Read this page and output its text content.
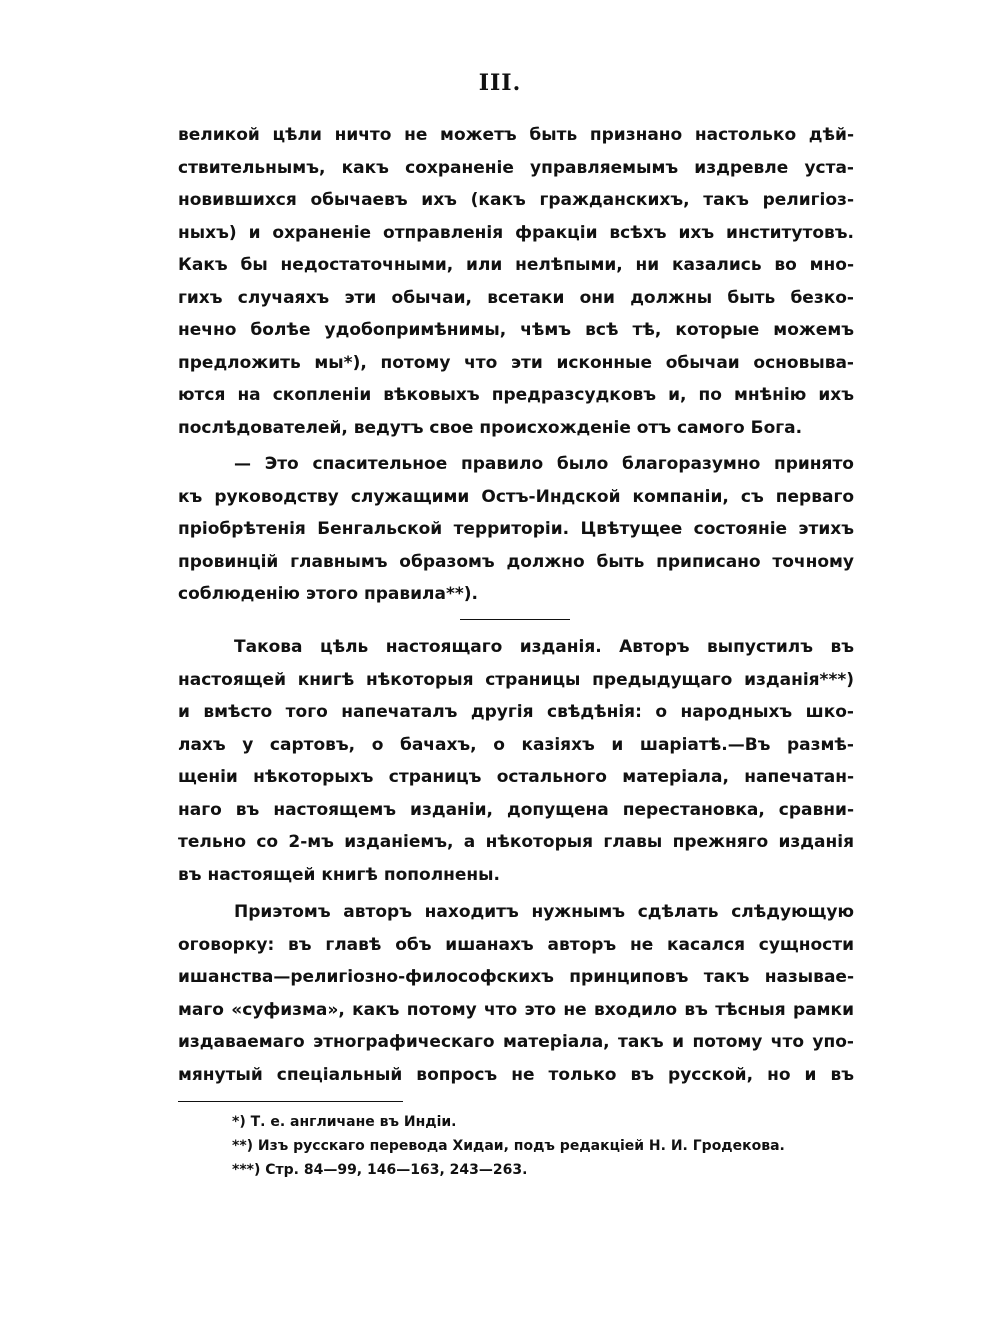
III.
великой цѣли ничто не можетъ быть признано настолько дѣй-
ствительнымъ, какъ сохраненіе управляемымъ издревле уста-
новившихся обычаевъ ихъ (какъ гражданскихъ, такъ религіоз-
ныхъ) и охраненіе отправленія фракціи всѣхъ ихъ институтовъ.
Какъ бы недостаточными, или нелѣпыми, ни казались во мно-
гихъ случаяхъ эти обычаи, всетаки они должны быть безко-
нечно болѣе удобопримѣнимы, чѣмъ всѣ тѣ, которые можемъ
предложить мы*), потому что эти исконные обычаи основыва-
ются на скопленіи вѣковыхъ предразсудковъ и, по мнѣнію ихъ
послѣдователей, ведутъ свое происхожденіе отъ самого Бога.
— Это спасительное правило было благоразумно принято
къ руководству служащими Остъ-Индской компаніи, съ перваго
пріобрѣтенія Бенгальской территоріи. Цвѣтущее состояніе этихъ
провинцій главнымъ образомъ должно быть приписано точному
соблюденію этого правила**).
Такова цѣль настоящаго изданія. Авторъ выпустилъ въ
настоящей книгѣ нѣкоторыя страницы предыдущаго изданія***)
и вмѣсто того напечаталъ другія свѣдѣнія: о народныхъ шко-
лахъ у сартовъ, о бачахъ, о казіяхъ и шаріатѣ.—Въ размѣ-
щеніи нѣкоторыхъ страницъ остального матеріала, напечатан-
наго въ настоящемъ изданіи, допущена перестановка, сравни-
тельно со 2-мъ изданіемъ, а нѣкоторыя главы прежняго изданія
въ настоящей книгѣ пополнены.
Приэтомъ авторъ находитъ нужнымъ сдѣлать слѣдующую
оговорку: въ главѣ объ ишанахъ авторъ не касался сущности
ишанства—религіозно-философскихъ принциповъ такъ называе-
маго «суфизма», какъ потому что это не входило въ тѣсныя рамки
издаваемаго этнографическаго матеріала, такъ и потому что упо-
мянутый спеціальный вопросъ не только въ русской, но и въ
*) Т. е. англичане въ Индіи.
**) Изъ русскаго перевода Хидаи, подъ редакціей Н. И. Гродекова.
***) Стр. 84—99, 146—163, 243—263.
